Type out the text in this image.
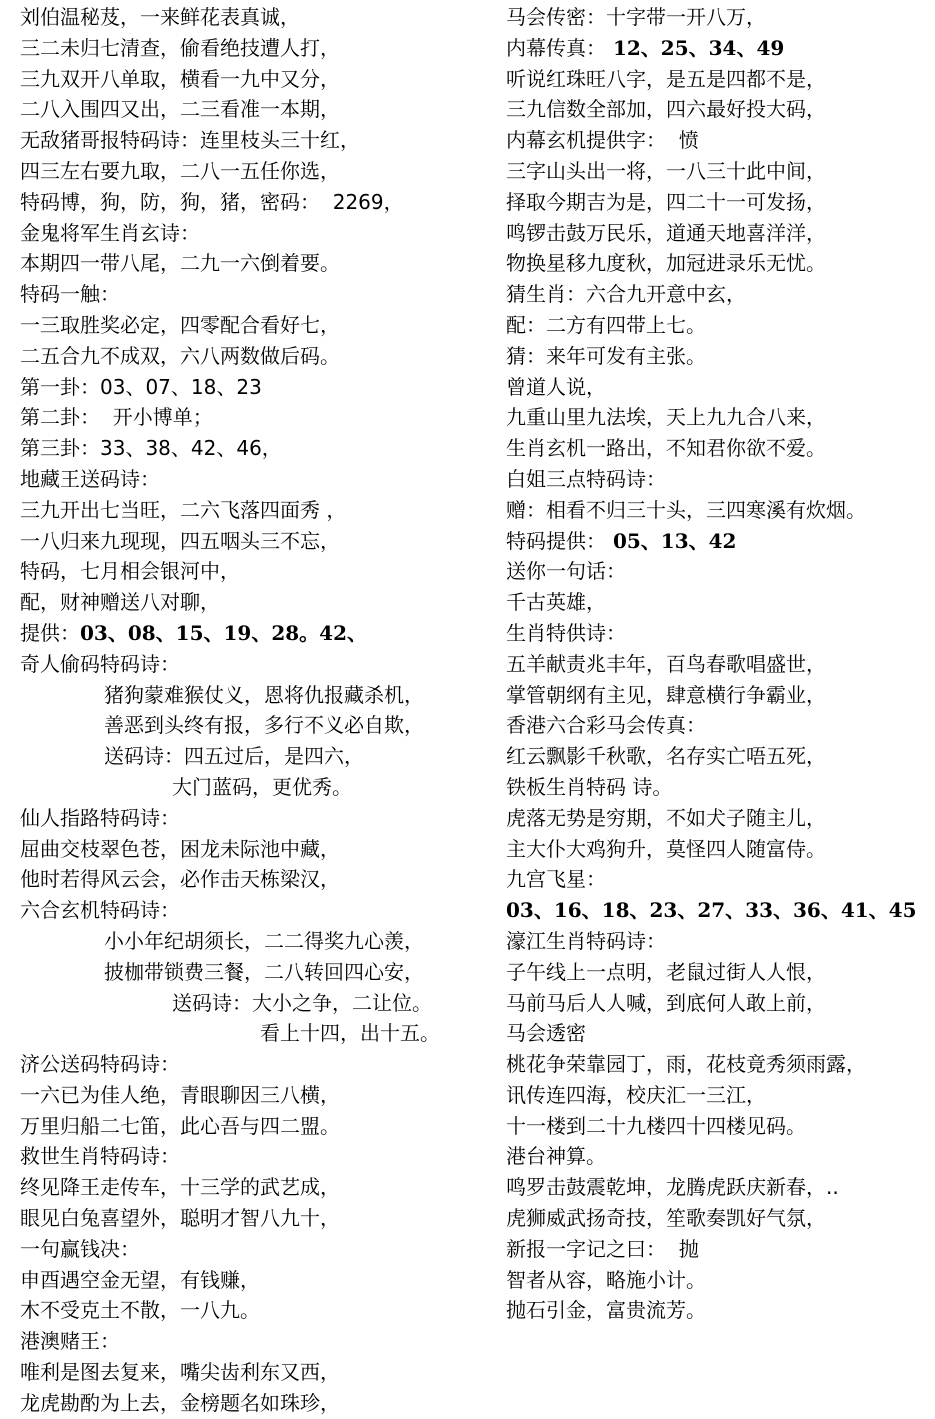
刘伯温秘芨，一来鲜花表真诚，
三二未归七清查，偷看绝技遭人打，
三九双开八单取，横看一九中又分，
二八入围四又出，二三看准一本期，
无敌猪哥报特码诗：连里枝头三十红，
四三左右要九取，二八一五任你选，
特码博，狗，防，狗，猪，密码：  2269，
金鬼将军生肖玄诗：
本期四一带八尾，二九一六倒着要。
特码一触：
一三取胜奖必定，四零配合看好七，
二五合九不成双，六八两数做后码。
第一卦：03、07、18、23
第二卦：  开小博单；
第三卦：33、38、42、46，
地藏王送码诗：
三九开出七当旺，二六飞落四面秀 ，
一八归来九现现，四五咽头三不忘，
特码，七月相会银河中，
配，财神赠送八对聊，
提供：03、08、15、19、28。42、
奇人偷码特码诗：
猪狗蒙难猴仗义，恩将仇报藏杀机，
善恶到头终有报，多行不义必自欺，
送码诗：四五过后，是四六，
大门蓝码，更优秀。
仙人指路特码诗：
屈曲交枝翠色苍，困龙未际池中藏，
他时若得风云会，必作击天栋梁汉，
六合玄机特码诗：
小小年纪胡须长，二二得奖九心羡，
披枷带锁费三餐，二八转回四心安，
送码诗：大小之争，二让位。
看上十四，出十五。
济公送码特码诗：
一六已为佳人绝，青眼聊因三八横，
万里归船二七笛，此心吾与四二盟。
救世生肖特码诗：
终见降王走传车，十三学的武艺成，
眼见白兔喜望外，聪明才智八九十，
一句赢钱决：
申酉遇空金无望，有钱赚，
木不受克土不散，一八九。
港澳赌王：
唯利是图去复来，嘴尖齿利东又西，
龙虎勘酌为上去，金榜题名如珠珍，
马会传密：十字带一开八万，
内幕传真： 12、25、34、49
听说红珠旺八字，是五是四都不是，
三九信数全部加，四六最好投大码，
内幕玄机提供字：  愤
三字山头出一将，一八三十此中间，
择取今期吉为是，四二十一可发扬，
鸣锣击鼓万民乐，道通天地喜洋洋，
物换星移九度秋，加冠进录乐无忧。
猜生肖：六合九开意中玄，
配：二方有四带上七。
猜：来年可发有主张。
曾道人说，
九重山里九法埃，天上九九合八来，
生肖玄机一路出，不知君你欲不爱。
白姐三点特码诗：
赠：相看不归三十头，三四寒溪有炊烟。
特码提供： 05、13、42
送你一句话：
千古英雄，
生肖特供诗：
五羊献责兆丰年，百鸟春歌唱盛世，
掌管朝纲有主见，肆意横行争霸业，
香港六合彩马会传真：
红云飘影千秋歌，名存实亡唔五死，
铁板生肖特码 诗。
虎落无势是穷期，不如犬子随主儿，
主大仆大鸡狗升，莫怪四人随富侍。
九宫飞星：
03、16、18、23、27、33、36、41、45
濠江生肖特码诗：
子午线上一点明，老鼠过街人人恨，
马前马后人人喊，到底何人敢上前，
马会透密
桃花争荣靠园丁，雨，花枝竟秀须雨露，
讯传连四海，校庆汇一三江，
十一楼到二十九楼四十四楼见码。
港台神算。
鸣罗击鼓震乾坤，龙腾虎跃庆新春，..
虎狮威武扬奇技，笙歌奏凯好气氛，
新报一字记之曰：  抛
智者从容，略施小计。
抛石引金，富贵流芳。
